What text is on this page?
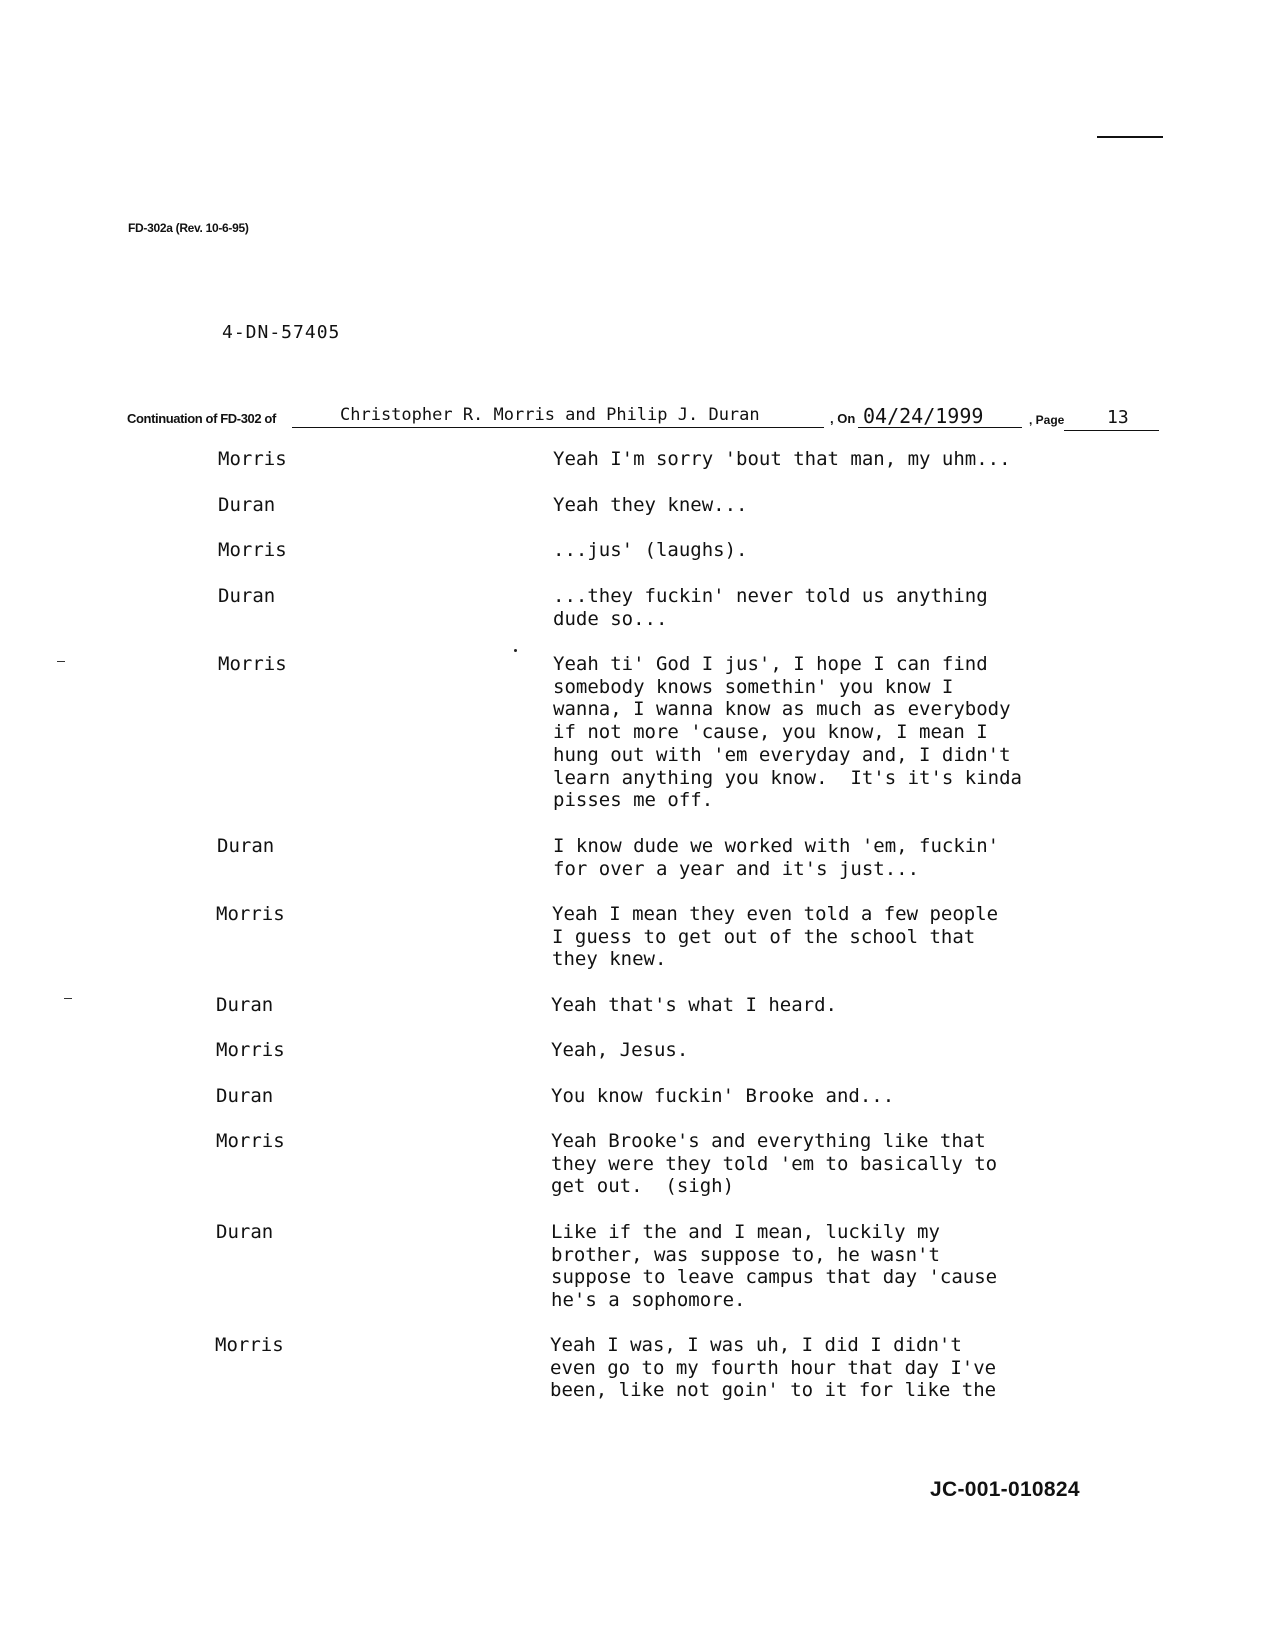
FD-302a (Rev. 10-6-95)
4-DN-57405
Continuation of FD-302 of	Christopher R. Morris and Philip J. Duran	, On 04/24/1999	, Page 13
Morris	Yeah I'm sorry 'bout that man, my uhm...
Duran	Yeah they knew...
Morris	...jus' (laughs).
Duran	...they fuckin' never told us anything
dude so...
Morris	Yeah ti' God I jus', I hope I can find
somebody knows somethin' you know I
wanna, I wanna know as much as everybody
if not more 'cause, you know, I mean I
hung out with 'em everyday and, I didn't
learn anything you know.  It's it's kinda
pisses me off.
Duran	I know dude we worked with 'em, fuckin'
for over a year and it's just...
Morris	Yeah I mean they even told a few people
I guess to get out of the school that
they knew.
Duran	Yeah that's what I heard.
Morris	Yeah, Jesus.
Duran	You know fuckin' Brooke and...
Morris	Yeah Brooke's and everything like that
they were they told 'em to basically to
get out.  (sigh)
Duran	Like if the and I mean, luckily my
brother, was suppose to, he wasn't
suppose to leave campus that day 'cause
he's a sophomore.
Morris	Yeah I was, I was uh, I did I didn't
even go to my fourth hour that day I've
been, like not goin' to it for like the
JC-001-010824
